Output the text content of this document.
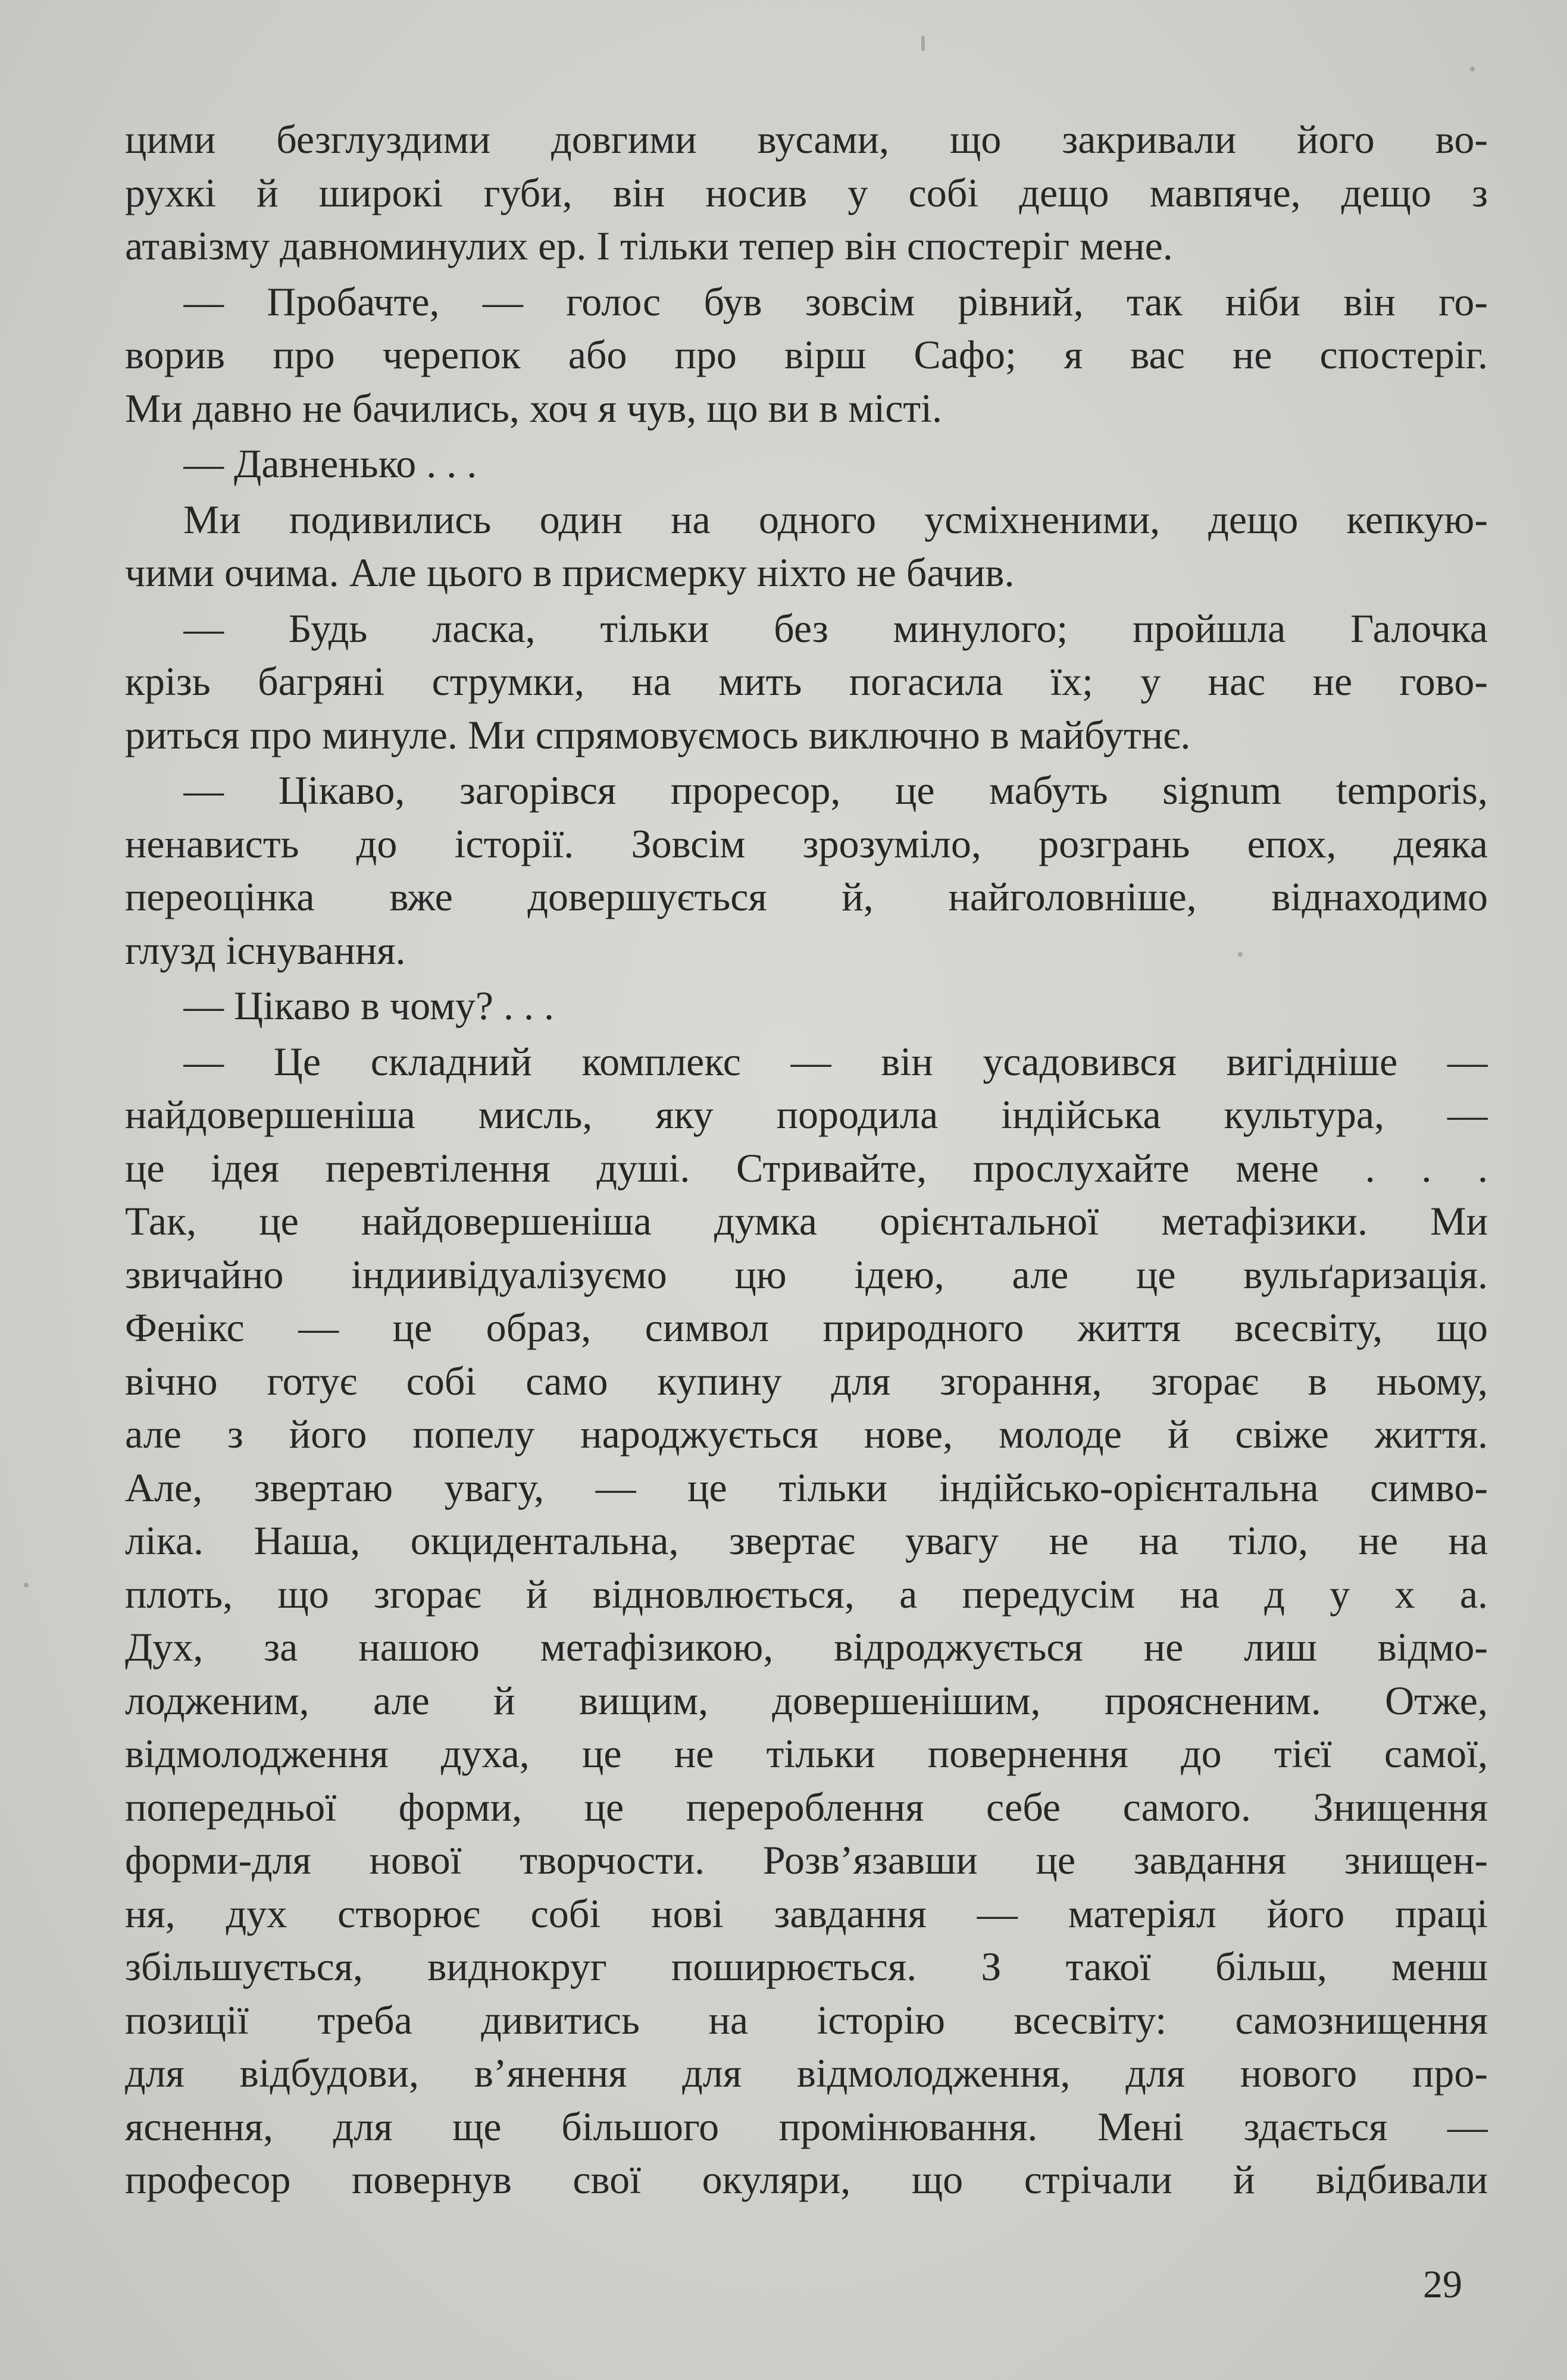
цими безглуздими довгими вусами, що закривали його во-
рухкі й широкі губи, він носив у собі дещо мавпяче, дещо з
атавізму давноминулих ер. І тільки тепер він спостеріг мене.
— Пробачте, — голос був зовсім рівний, так ніби він го-
ворив про черепок або про вірш Сафо; я вас не спостеріг.
Ми давно не бачились, хоч я чув, що ви в місті.
— Давненько . . .
Ми подивились один на одного усміхненими, дещо кепкую-
чими очима. Але цього в присмерку ніхто не бачив.
— Будь ласка, тільки без минулого; пройшла Галочка
крізь багряні струмки, на мить погасила їх; у нас не гово-
риться про минуле. Ми спрямовуємось виключно в майбутнє.
— Цікаво, загорівся прoресор, це мабуть signum temporis,
ненависть до історії. Зовсім зрозуміло, розгрань епох, деяка
переоцінка вже довершується й, найголовніше, віднаходимо
глузд існування.
— Цікаво в чому? . . .
— Це складний комплекс — він усадовився вигідніше —
найдовершеніша мисль, яку породила індійська культура, —
це ідея перевтілення душі. Стривайте, прослухайте мене . . .
Так, це найдовершеніша думка орієнтальної метафізики. Ми
звичайно індиивідуалізуємо цю ідею, але це вульґаризація.
Фенікс — це образ, символ природного життя всесвіту, що
вічно готує собі само купину для згорання, згорає в ньому,
але з його попелу народжується нове, молоде й свіже життя.
Але, звертаю увагу, — це тільки індійсько-орієнтальна симво-
ліка. Наша, окцидентальна, звертає увагу не на тіло, не на
плоть, що згорає й відновлюється, а передусім на д у х а.
Дух, за нашою метафізикою, відроджується не лиш відмо-
лодженим, але й вищим, довершенішим, проясненим. Отже,
відмолодження духа, це не тільки повернення до тієї самої,
попередньої форми, це перероблення себе самого. Знищення
форми-для нової творчости. Розв’язавши це завдання знищен-
ня, дух створює собі нові завдання — матеріял його праці
збільшується, виднокруг поширюється. З такої більш, менш
позиції треба дивитись на історію всесвіту: самознищення
для відбудови, в’янення для відмолодження, для нового про-
яснення, для ще більшого промінювання. Мені здається —
професор повернув свої окуляри, що стрічали й відбивали
29
